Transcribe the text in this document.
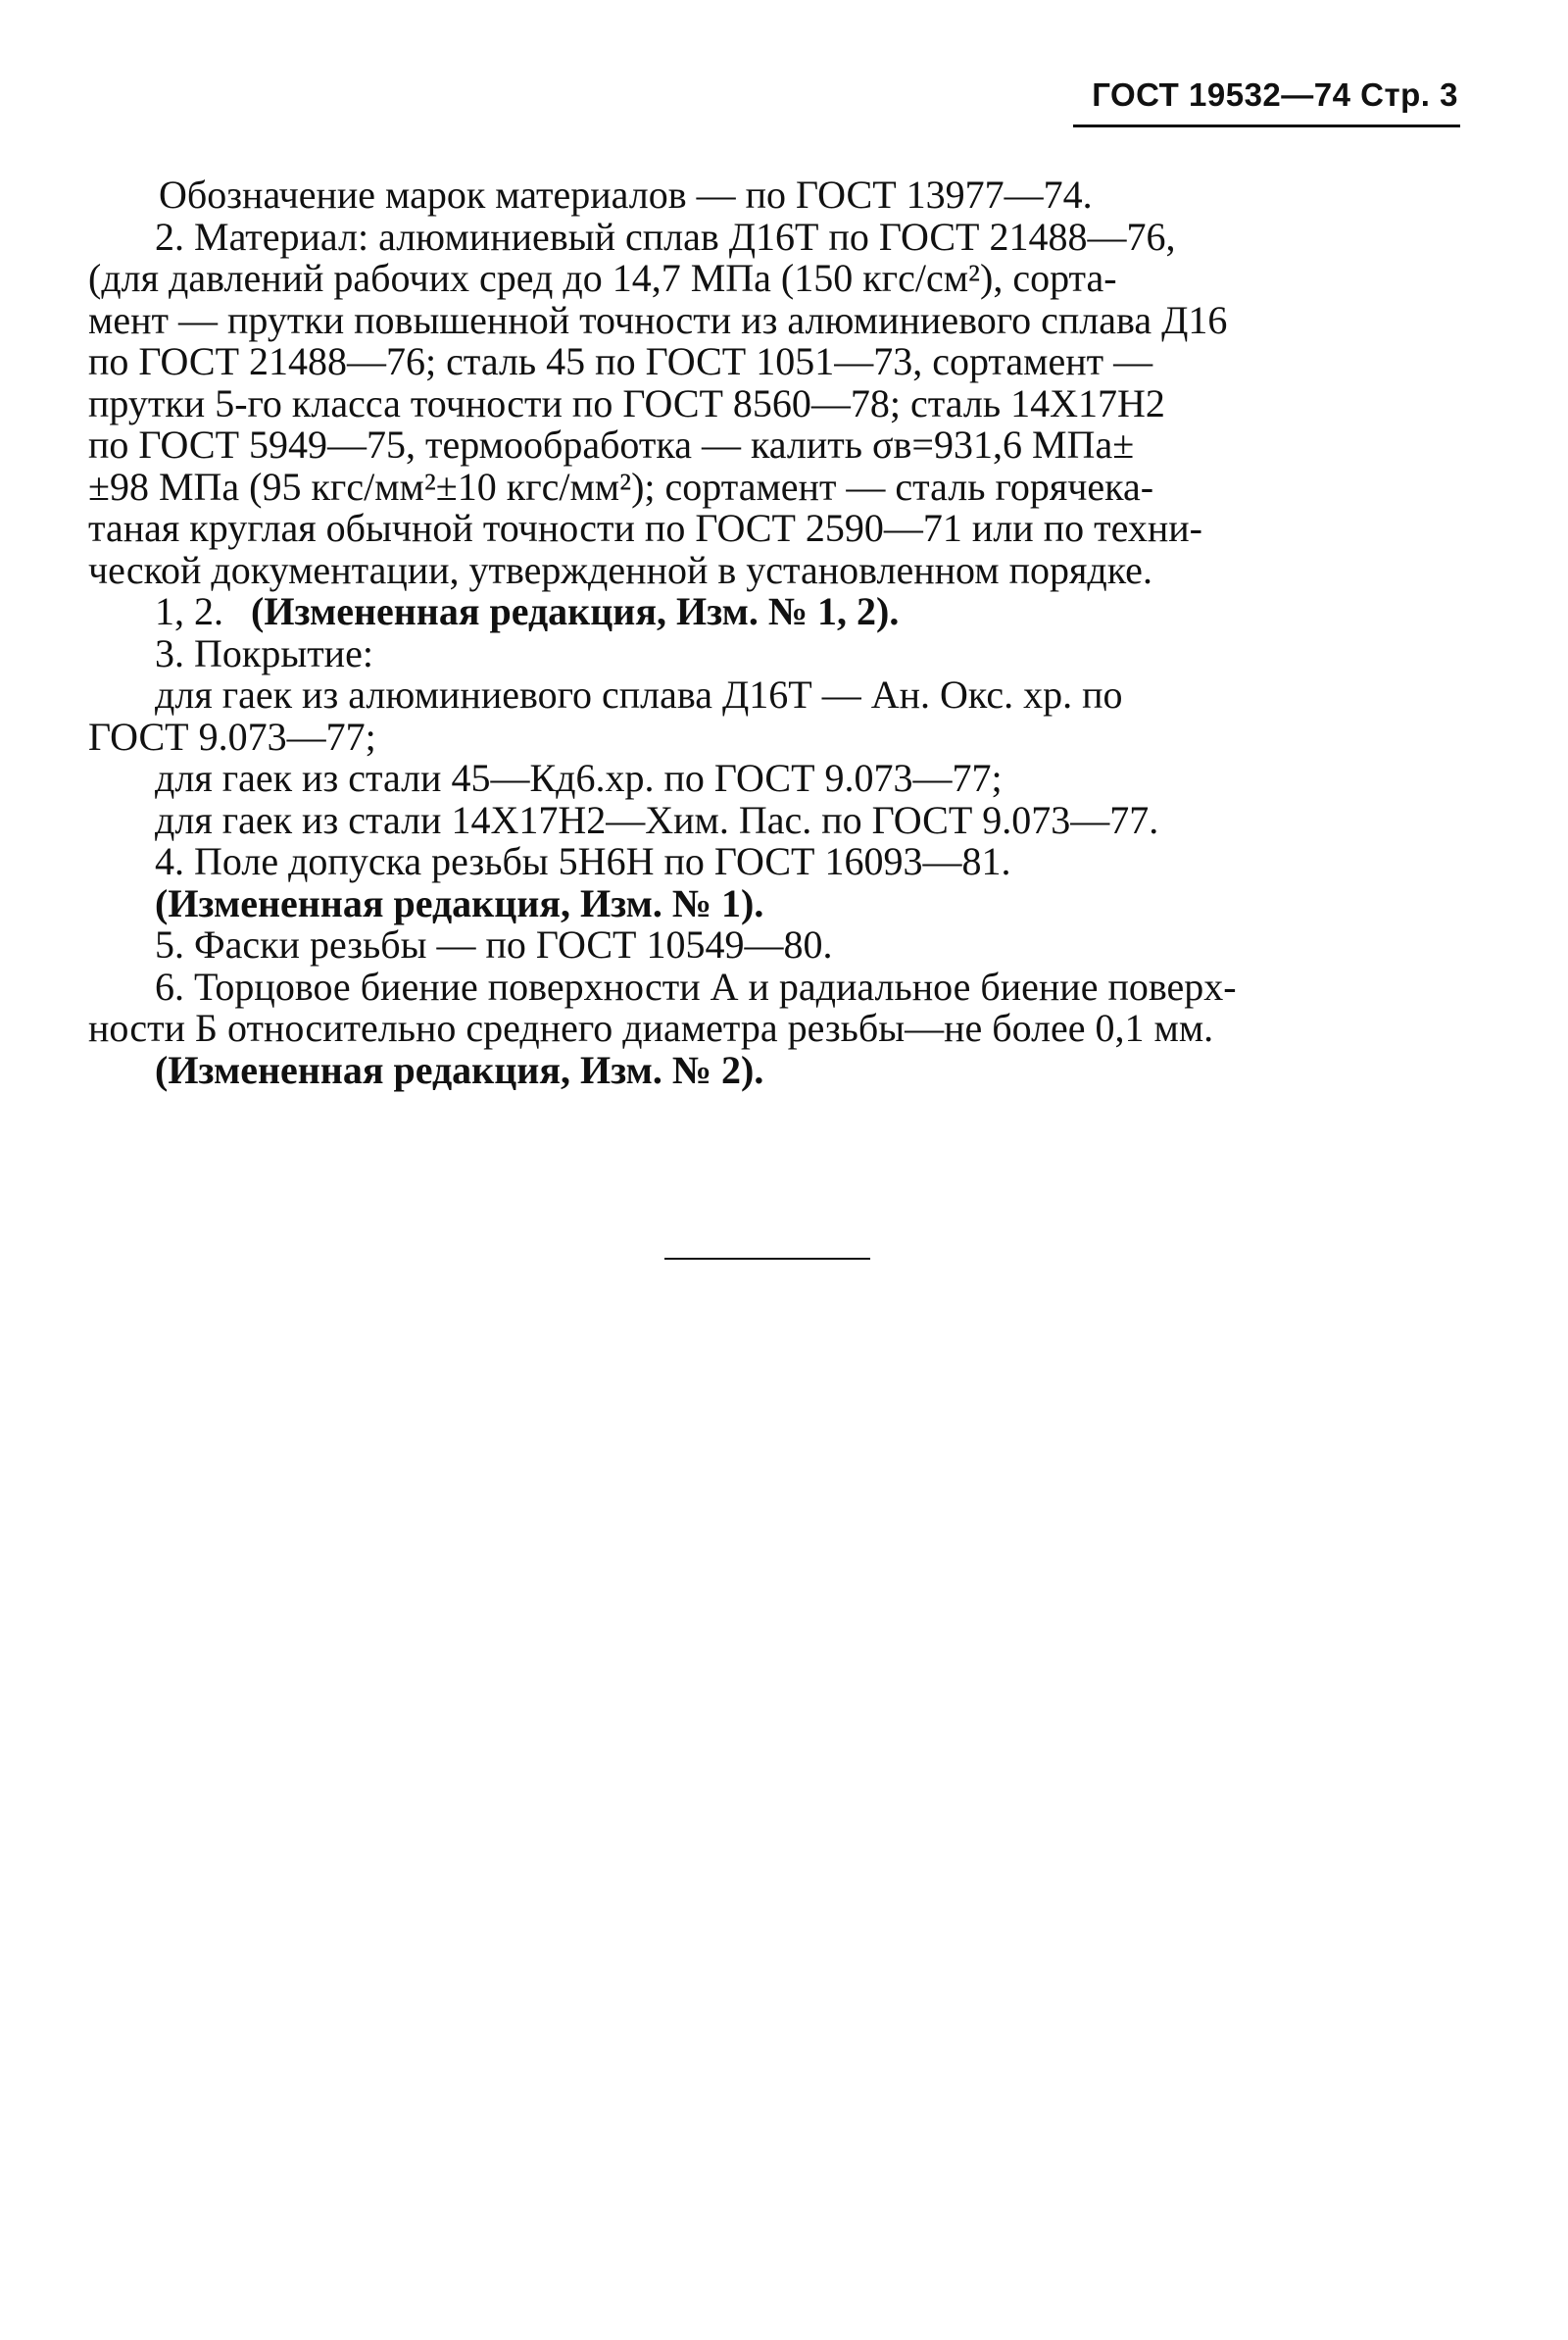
ГОСТ 19532—74 Стр. 3
Обозначение марок материалов — по ГОСТ 13977—74.
2. Материал: алюминиевый сплав Д16Т по ГОСТ 21488—76,
(для давлений рабочих сред до 14,7 МПа (150 кгс/см²), сорта-
мент — прутки повышенной точности из алюминиевого сплава Д16
по ГОСТ 21488—76; сталь 45 по ГОСТ 1051—73, сортамент —
прутки 5-го класса точности по ГОСТ 8560—78; сталь 14Х17Н2
по ГОСТ 5949—75, термообработка — калить σв=931,6 МПа±
±98 МПа (95 кгс/мм²±10 кгс/мм²); сортамент — сталь горячека-
таная круглая обычной точности по ГОСТ 2590—71 или по техни-
ческой документации, утвержденной в установленном порядке.
1, 2. (Измененная редакция, Изм. № 1, 2).
3. Покрытие:
для гаек из алюминиевого сплава Д16Т — Ан. Окс. хр. по
ГОСТ 9.073—77;
для гаек из стали 45—Кд6.хр. по ГОСТ 9.073—77;
для гаек из стали 14Х17Н2—Хим. Пас. по ГОСТ 9.073—77.
4. Поле допуска резьбы 5Н6Н по ГОСТ 16093—81.
(Измененная редакция, Изм. № 1).
5. Фаски резьбы — по ГОСТ 10549—80.
6. Торцовое биение поверхности А и радиальное биение поверх-
ности Б относительно среднего диаметра резьбы—не более 0,1 мм.
(Измененная редакция, Изм. № 2).
